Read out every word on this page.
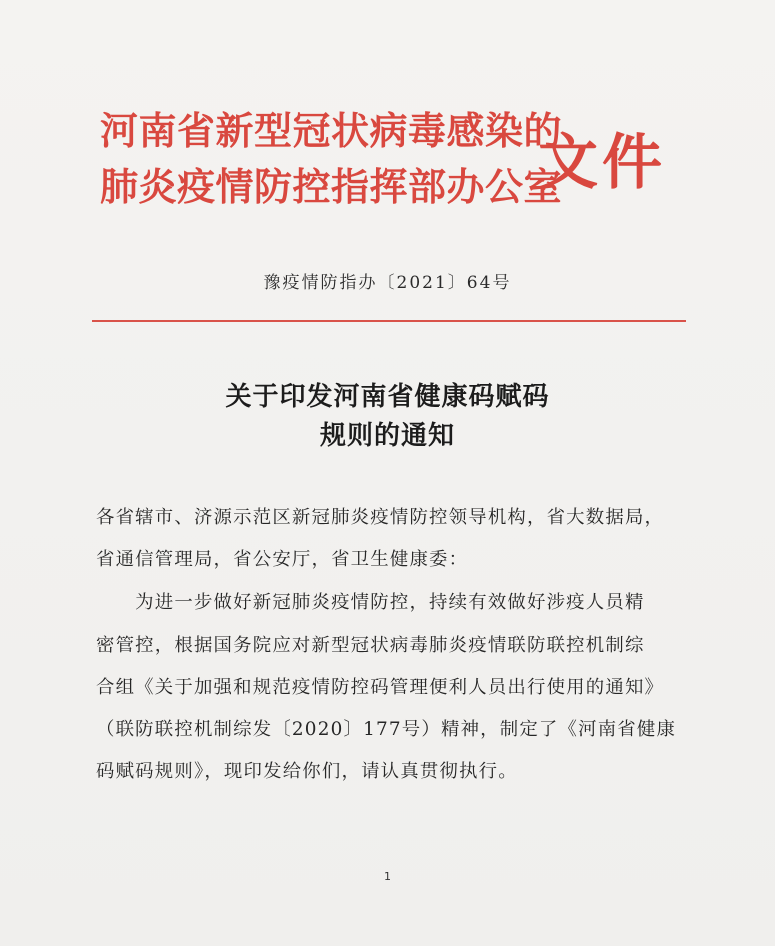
河南省新型冠状病毒感染的
肺炎疫情防控指挥部办公室
文件
豫疫情防指办〔2021〕64号
关于印发河南省健康码赋码
规则的通知
各省辖市、济源示范区新冠肺炎疫情防控领导机构，省大数据局，
省通信管理局，省公安厅，省卫生健康委：
　　为进一步做好新冠肺炎疫情防控，持续有效做好涉疫人员精
密管控，根据国务院应对新型冠状病毒肺炎疫情联防联控机制综
合组《关于加强和规范疫情防控码管理便利人员出行使用的通知》
（联防联控机制综发〔2020〕177号）精神，制定了《河南省健康
码赋码规则》，现印发给你们，请认真贯彻执行。
1
